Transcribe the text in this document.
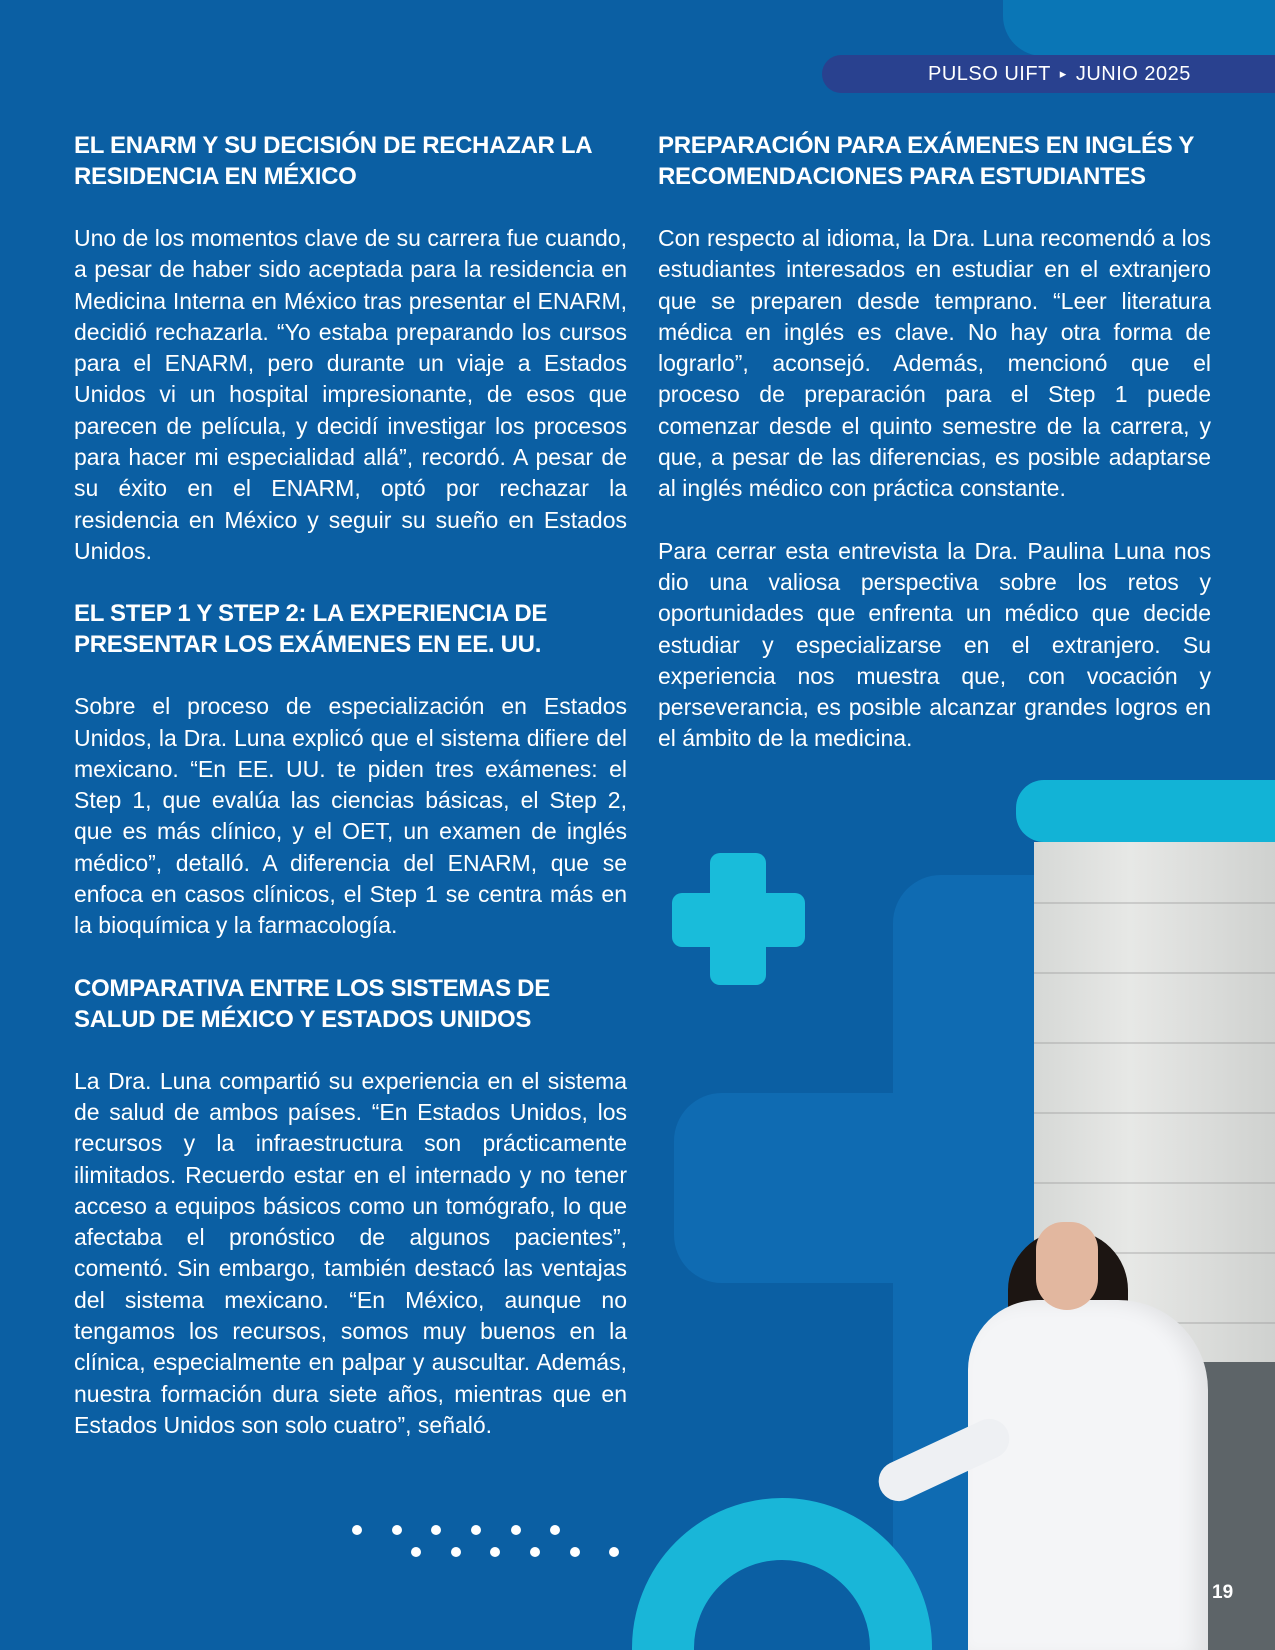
PULSO UIFT ▸ JUNIO 2025
EL ENARM Y SU DECISIÓN DE RECHAZAR LA RESIDENCIA EN MÉXICO

Uno de los momentos clave de su carrera fue cuando, a pesar de haber sido aceptada para la residencia en Medicina Interna en México tras presentar el ENARM, decidió rechazarla. “Yo estaba preparando los cursos para el ENARM, pero durante un viaje a Estados Unidos vi un hospital impresionante, de esos que parecen de película, y decidí investigar los procesos para hacer mi especialidad allá”, recordó. A pesar de su éxito en el ENARM, optó por rechazar la residencia en México y seguir su sueño en Estados Unidos.

EL STEP 1 Y STEP 2: LA EXPERIENCIA DE PRESENTAR LOS EXÁMENES EN EE. UU.

Sobre el proceso de especialización en Estados Unidos, la Dra. Luna explicó que el sistema difiere del mexicano. “En EE. UU. te piden tres exámenes: el Step 1, que evalúa las ciencias básicas, el Step 2, que es más clínico, y el OET, un examen de inglés médico”, detalló. A diferencia del ENARM, que se enfoca en casos clínicos, el Step 1 se centra más en la bioquímica y la farmacología.

COMPARATIVA ENTRE LOS SISTEMAS DE SALUD DE MÉXICO Y ESTADOS UNIDOS

La Dra. Luna compartió su experiencia en el sistema de salud de ambos países. “En Estados Unidos, los recursos y la infraestructura son prácticamente ilimitados. Recuerdo estar en el internado y no tener acceso a equipos básicos como un tomógrafo, lo que afectaba el pronóstico de algunos pacientes”, comentó. Sin embargo, también destacó las ventajas del sistema mexicano. “En México, aunque no tengamos los recursos, somos muy buenos en la clínica, especialmente en palpar y auscultar. Además, nuestra formación dura siete años, mientras que en Estados Unidos son solo cuatro”, señaló.

PREPARACIÓN PARA EXÁMENES EN INGLÉS Y RECOMENDACIONES PARA ESTUDIANTES

Con respecto al idioma, la Dra. Luna recomendó a los estudiantes interesados en estudiar en el extranjero que se preparen desde temprano. “Leer literatura médica en inglés es clave. No hay otra forma de lograrlo”, aconsejó. Además, mencionó que el proceso de preparación para el Step 1 puede comenzar desde el quinto semestre de la carrera, y que, a pesar de las diferencias, es posible adaptarse al inglés médico con práctica constante.

Para cerrar esta entrevista la Dra. Paulina Luna nos dio una valiosa perspectiva sobre los retos y oportunidades que enfrenta un médico que decide estudiar y especializarse en el extranjero. Su experiencia nos muestra que, con vocación y perseverancia, es posible alcanzar grandes logros en el ámbito de la medicina.

19
